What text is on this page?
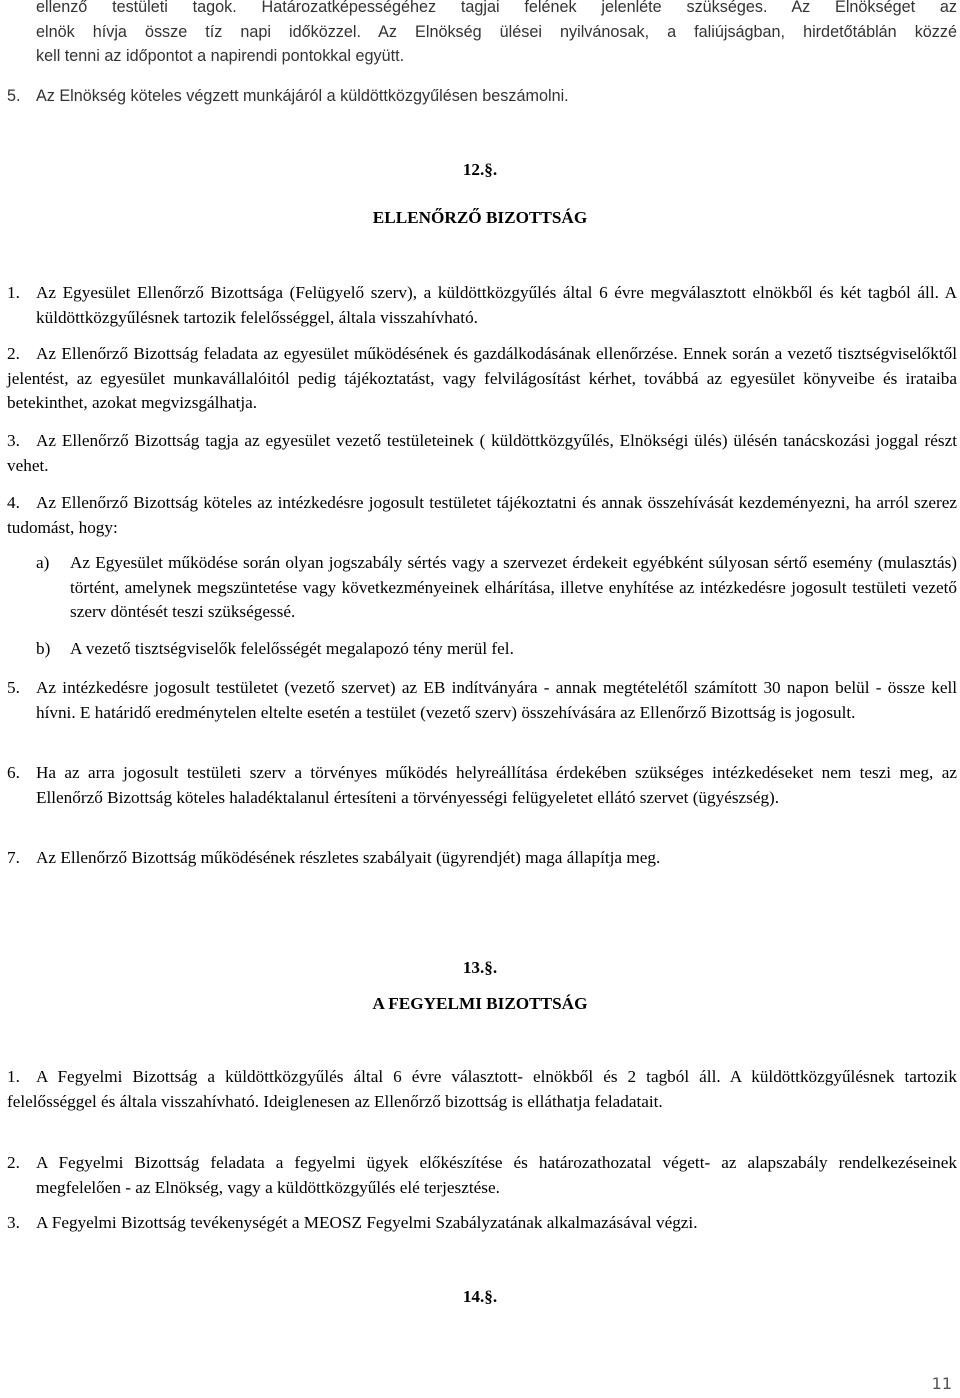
ellenző testületi tagok. Határozatképességéhez tagjai felének jelenléte szükséges. Az Elnökséget az
elnök hívja össze tíz napi időközzel. Az Elnökség ülései nyilvánosak, a faliújságban, hirdetőtáblán közzé
kell tenni az időpontot a napirendi pontokkal együtt.
5. Az Elnökség köteles végzett munkájáról a küldöttközgyűlésen beszámolni.
12.§.
ELLENŐRZŐ BIZOTTSÁG
1. Az Egyesület Ellenőrző Bizottsága (Felügyelő szerv), a küldöttközgyűlés által 6 évre megválasztott elnökből és két tagból áll. A küldöttközgyűlésnek tartozik felelősséggel, általa visszahívható.
2. Az Ellenőrző Bizottság feladata az egyesület működésének és gazdálkodásának ellenőrzése. Ennek során a vezető tisztségviselőktől jelentést, az egyesület munkavállalóitól pedig tájékoztatást, vagy felvilágosítást kérhet, továbbá az egyesület könyveibe és irataiba betekinthet, azokat megvizsgálhatja.
3. Az Ellenőrző Bizottság tagja az egyesület vezető testületeinek ( küldöttközgyűlés, Elnökségi ülés) ülésén tanácskozási joggal részt vehet.
4. Az Ellenőrző Bizottság köteles az intézkedésre jogosult testületet tájékoztatni és annak összehívását kezdeményezni, ha arról szerez tudomást, hogy:
a) Az Egyesület működése során olyan jogszabály sértés vagy a szervezet érdekeit egyébként súlyosan sértő esemény (mulasztás) történt, amelynek megszüntetése vagy következményeinek elhárítása, illetve enyhítése az intézkedésre jogosult testületi vezető szerv döntését teszi szükségessé.
b) A vezető tisztségviselők felelősségét megalapozó tény merül fel.
5. Az intézkedésre jogosult testületet (vezető szervet) az EB indítványára - annak megtételétől számított 30 napon belül - össze kell hívni. E határidő eredménytelen eltelte esetén a testület (vezető szerv) összehívására az Ellenőrző Bizottság is jogosult.
6. Ha az arra jogosult testületi szerv a törvényes működés helyreállítása érdekében szükséges intézkedéseket nem teszi meg, az Ellenőrző Bizottság köteles haladéktalanul értesíteni a törvényességi felügyeletet ellátó szervet (ügyészség).
7. Az Ellenőrző Bizottság működésének részletes szabályait (ügyrendjét) maga állapítja meg.
13.§.
A FEGYELMI BIZOTTSÁG
1. A Fegyelmi Bizottság a küldöttközgyűlés által 6 évre választott- elnökből és 2 tagból áll. A küldöttközgyűlésnek tartozik felelősséggel és általa visszahívható. Ideiglenesen az Ellenőrző bizottság is elláthatja feladatait.
2. A Fegyelmi Bizottság feladata a fegyelmi ügyek előkészítése és határozathozatal végett- az alapszabály rendelkezéseinek megfelelően - az Elnökség, vagy a küldöttközgyűlés elé terjesztése.
3. A Fegyelmi Bizottság tevékenységét a MEOSZ Fegyelmi Szabályzatának alkalmazásával végzi.
14.§.
11
